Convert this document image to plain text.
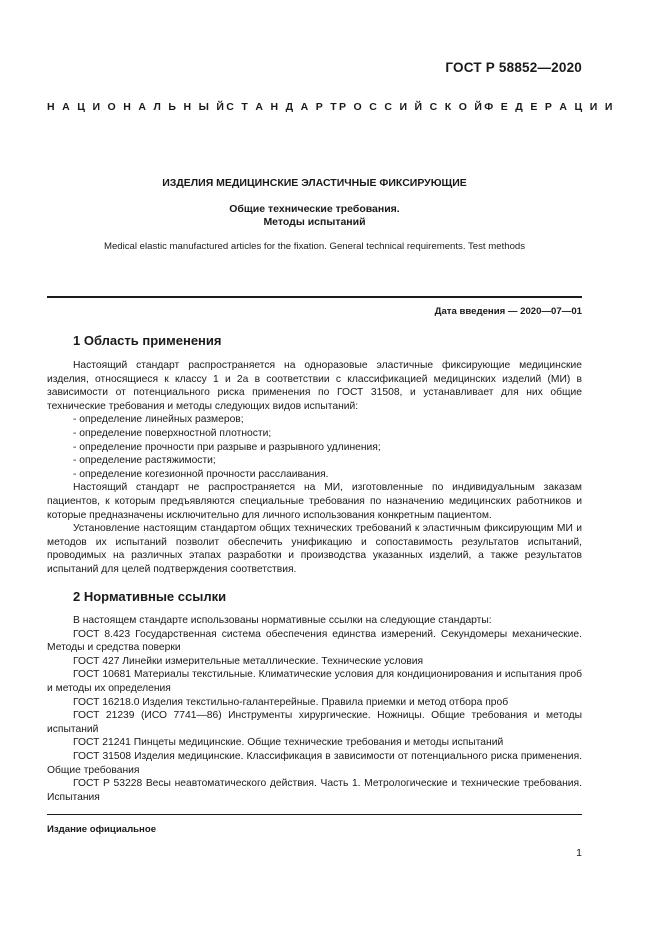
ГОСТ Р 58852—2020
Н А Ц И О Н А Л Ь Н Ы Й С Т А Н Д А Р Т Р О С С И Й С К О Й Ф Е Д Е Р А Ц И И
ИЗДЕЛИЯ МЕДИЦИНСКИЕ ЭЛАСТИЧНЫЕ ФИКСИРУЮЩИЕ
Общие технические требования.
Методы испытаний
Medical elastic manufactured articles for the fixation. General technical requirements. Test methods
Дата введения — 2020—07—01
1 Область применения

Настоящий стандарт распространяется на одноразовые эластичные фиксирующие медицинские изделия, относящиеся к классу 1 и 2а в соответствии с классификацией медицинских изделий (МИ) в зависимости от потенциального риска применения по ГОСТ 31508, и устанавливает для них общие технические требования и методы следующих видов испытаний:

- определение линейных размеров;

- определение поверхностной плотности;

- определение прочности при разрыве и разрывного удлинения;

- определение растяжимости;

- определение когезионной прочности расслаивания.

Настоящий стандарт не распространяется на МИ, изготовленные по индивидуальным заказам пациентов, к которым предъявляются специальные требования по назначению медицинских работников и которые предназначены исключительно для личного использования конкретным пациентом.

Установление настоящим стандартом общих технических требований к эластичным фиксирующим МИ и методов их испытаний позволит обеспечить унификацию и сопоставимость результатов испытаний, проводимых на различных этапах разработки и производства указанных изделий, а также результатов испытаний для целей подтверждения соответствия.

2 Нормативные ссылки

В настоящем стандарте использованы нормативные ссылки на следующие стандарты:

ГОСТ 8.423 Государственная система обеспечения единства измерений. Секундомеры механические. Методы и средства поверки

ГОСТ 427 Линейки измерительные металлические. Технические условия

ГОСТ 10681 Материалы текстильные. Климатические условия для кондиционирования и испытания проб и методы их определения

ГОСТ 16218.0 Изделия текстильно-галантерейные. Правила приемки и метод отбора проб

ГОСТ 21239 (ИСО 7741—86) Инструменты хирургические. Ножницы. Общие требования и методы испытаний

ГОСТ 21241 Пинцеты медицинские. Общие технические требования и методы испытаний

ГОСТ 31508 Изделия медицинские. Классификация в зависимости от потенциального риска применения. Общие требования

ГОСТ Р 53228 Весы неавтоматического действия. Часть 1. Метрологические и технические требования. Испытания

Издание официальное
1
